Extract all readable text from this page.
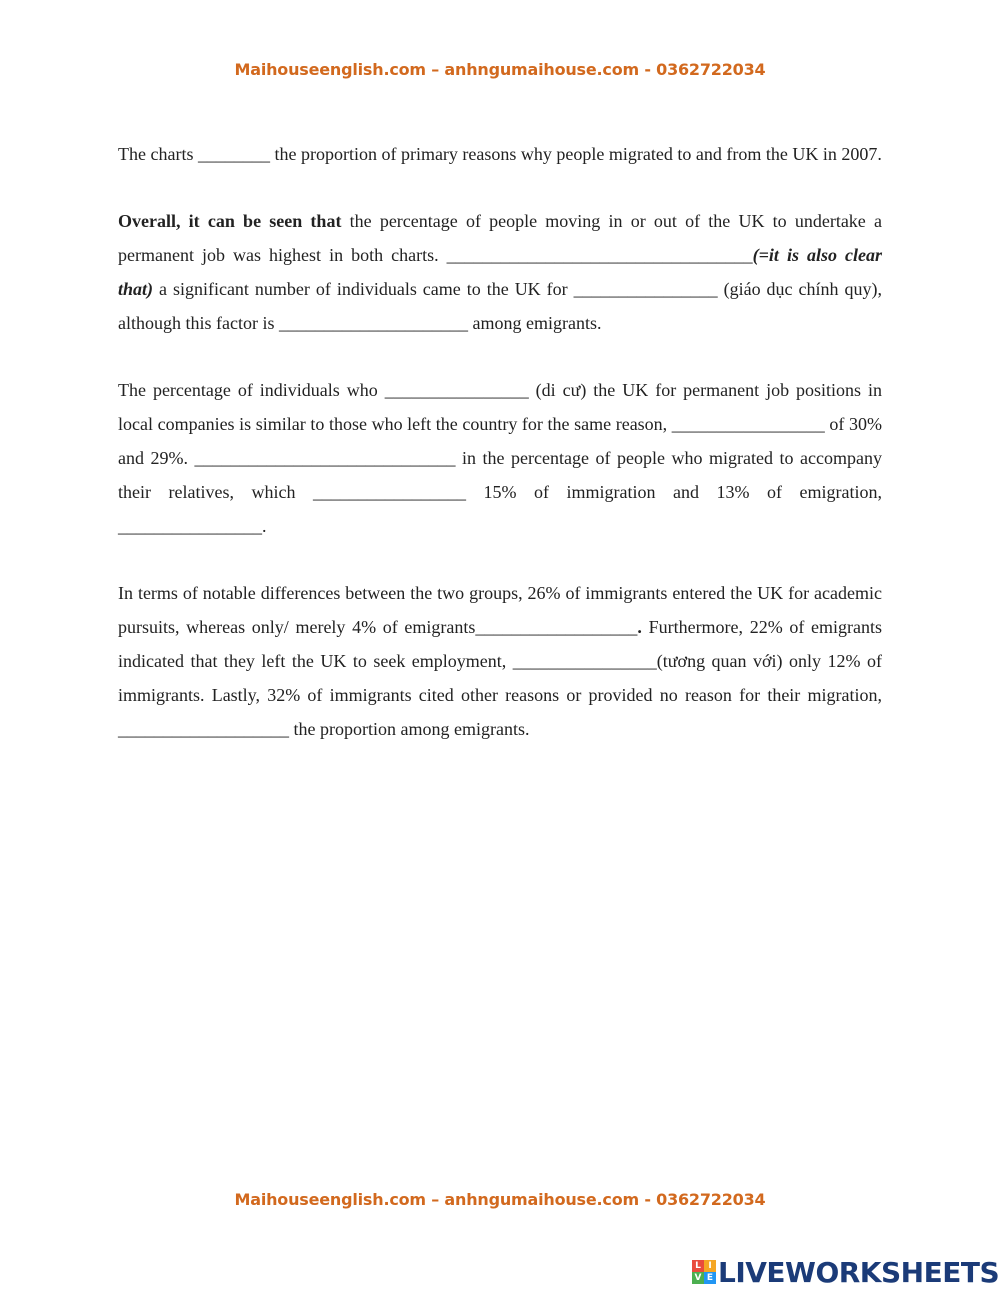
Maihouseenglish.com – anhngumaihouse.com - 0362722034

The charts ________ the proportion of primary reasons why people migrated to and from the UK in 2007.

Overall, it can be seen that the percentage of people moving in or out of the UK to undertake a permanent job was highest in both charts. __________________________________(=it is also clear that) a significant number of individuals came to the UK for ________________ (giáo dục chính quy), although this factor is _____________________ among emigrants.

The percentage of individuals who ________________ (di cư) the UK for permanent job positions in local companies is similar to those who left the country for the same reason, _________________ of 30% and 29%. _____________________________ in the percentage of people who migrated to accompany their relatives, which _________________ 15% of immigration and 13% of emigration, ________________.

In terms of notable differences between the two groups, 26% of immigrants entered the UK for academic pursuits, whereas only/ merely 4% of emigrants__________________. Furthermore, 22% of emigrants indicated that they left the UK to seek employment, ________________(tương quan với) only 12% of immigrants. Lastly, 32% of immigrants cited other reasons or provided no reason for their migration, ___________________ the proportion among emigrants.

Maihouseenglish.com – anhngumaihouse.com - 0362722034
L I
V E LIVEWORKSHEETS
